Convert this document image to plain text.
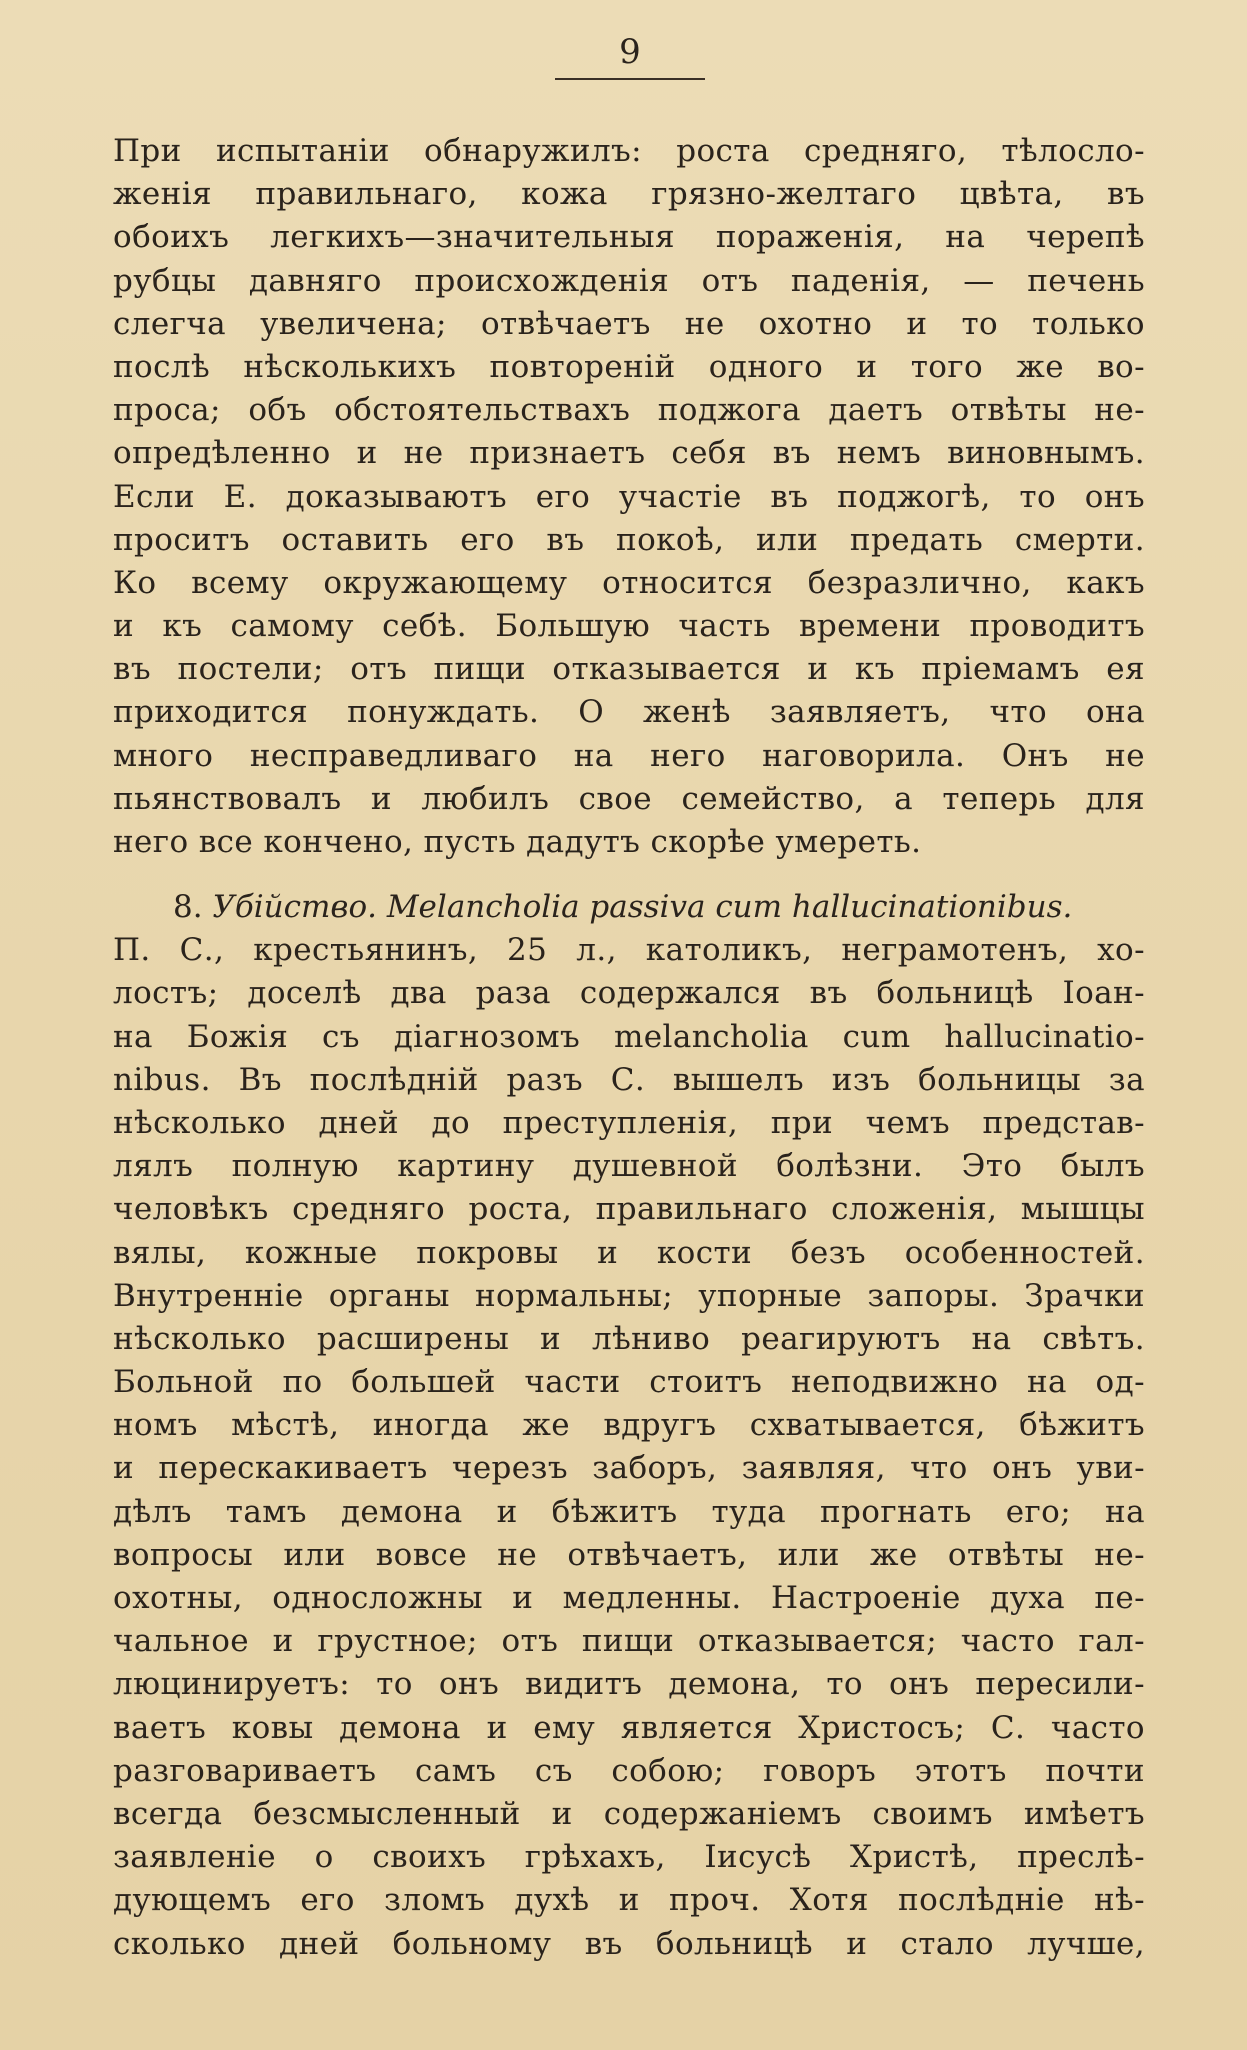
9
При испытаніи обнаружилъ: роста средняго, тѣлосло-
женія правильнаго, кожа грязно-желтаго цвѣта, въ
обоихъ легкихъ—значительныя пораженія, на черепѣ
рубцы давняго происхожденія отъ паденія, — печень
слегча увеличена; отвѣчаетъ не охотно и то только
послѣ нѣсколькихъ повтореній одного и того же во-
проса; объ обстоятельствахъ поджога даетъ отвѣты не-
опредѣленно и не признаетъ себя въ немъ виновнымъ.
Если Е. доказываютъ его участіе въ поджогѣ, то онъ
проситъ оставить его въ покоѣ, или предать смерти.
Ко всему окружающему относится безразлично, какъ
и къ самому себѣ. Большую часть времени проводитъ
въ постели; отъ пищи отказывается и къ пріемамъ ея
приходится понуждать. О женѣ заявляетъ, что она
много несправедливаго на него наговорила. Онъ не
пьянствовалъ и любилъ свое семейство, а теперь для
него все кончено, пусть дадутъ скорѣе умереть.
8. Убійство. Melancholia passiva cum hallucinationibus.
П. С., крестьянинъ, 25 л., католикъ, неграмотенъ, хо-
лостъ; доселѣ два раза содержался въ больницѣ Іоан-
на Божія съ діагнозомъ melancholia cum hallucinatio-
nibus. Въ послѣдній разъ С. вышелъ изъ больницы за
нѣсколько дней до преступленія, при чемъ представ-
лялъ полную картину душевной болѣзни. Это былъ
человѣкъ средняго роста, правильнаго сложенія, мышцы
вялы, кожные покровы и кости безъ особенностей.
Внутренніе органы нормальны; упорные запоры. Зрачки
нѣсколько расширены и лѣниво реагируютъ на свѣтъ.
Больной по большей части стоитъ неподвижно на од-
номъ мѣстѣ, иногда же вдругъ схватывается, бѣжитъ
и перескакиваетъ черезъ заборъ, заявляя, что онъ уви-
дѣлъ тамъ демона и бѣжитъ туда прогнать его; на
вопросы или вовсе не отвѣчаетъ, или же отвѣты не-
охотны, односложны и медленны. Настроеніе духа пе-
чальное и грустное; отъ пищи отказывается; часто гал-
люцинируетъ: то онъ видитъ демона, то онъ пересили-
ваетъ ковы демона и ему является Христосъ; С. часто
разговариваетъ самъ съ собою; говоръ этотъ почти
всегда безсмысленный и содержаніемъ своимъ имѣетъ
заявленіе о своихъ грѣхахъ, Іисусѣ Христѣ, преслѣ-
дующемъ его зломъ духѣ и проч. Хотя послѣдніе нѣ-
сколько дней больному въ больницѣ и стало лучше,
